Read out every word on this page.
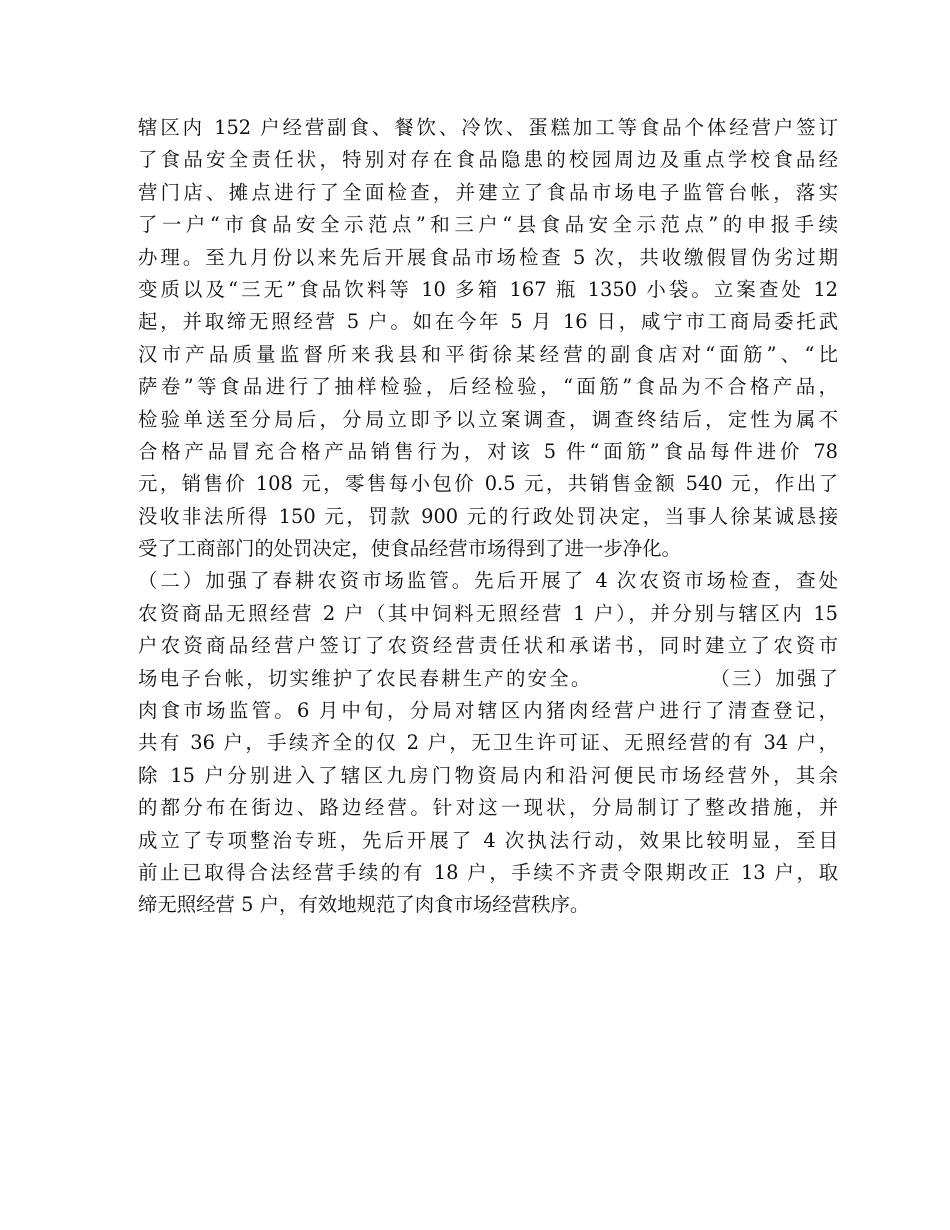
辖区内 152 户经营副食、餐饮、冷饮、蛋糕加工等食品个体经营户签订
了食品安全责任状，特别对存在食品隐患的校园周边及重点学校食品经
营门店、摊点进行了全面检查，并建立了食品市场电子监管台帐，落实
了一户“市食品安全示范点”和三户“县食品安全示范点”的申报手续
办理。至九月份以来先后开展食品市场检查 5 次，共收缴假冒伪劣过期
变质以及“三无”食品饮料等 10 多箱 167 瓶 1350 小袋。立案查处 12
起，并取缔无照经营 5 户。如在今年 5 月 16 日，咸宁市工商局委托武
汉市产品质量监督所来我县和平街徐某经营的副食店对“面筋”、“比
萨卷”等食品进行了抽样检验，后经检验，“面筋”食品为不合格产品，
检验单送至分局后，分局立即予以立案调查，调查终结后，定性为属不
合格产品冒充合格产品销售行为，对该 5 件“面筋”食品每件进价 78
元，销售价 108 元，零售每小包价 0.5 元，共销售金额 540 元，作出了
没收非法所得 150 元，罚款 900 元的行政处罚决定，当事人徐某诚恳接
受了工商部门的处罚决定，使食品经营市场得到了进一步净化。
（二）加强了春耕农资市场监管。先后开展了 4 次农资市场检查，查处
农资商品无照经营 2 户（其中饲料无照经营 1 户），并分别与辖区内 15
户农资商品经营户签订了农资经营责任状和承诺书，同时建立了农资市
场电子台帐，切实维护了农民春耕生产的安全。              （三）加强了
肉食市场监管。6 月中旬，分局对辖区内猪肉经营户进行了清查登记，
共有 36 户，手续齐全的仅 2 户，无卫生许可证、无照经营的有 34 户，
除 15 户分别进入了辖区九房门物资局内和沿河便民市场经营外，其余
的都分布在街边、路边经营。针对这一现状，分局制订了整改措施，并
成立了专项整治专班，先后开展了 4 次执法行动，效果比较明显，至目
前止已取得合法经营手续的有 18 户，手续不齐责令限期改正 13 户，取
缔无照经营 5 户，有效地规范了肉食市场经营秩序。
